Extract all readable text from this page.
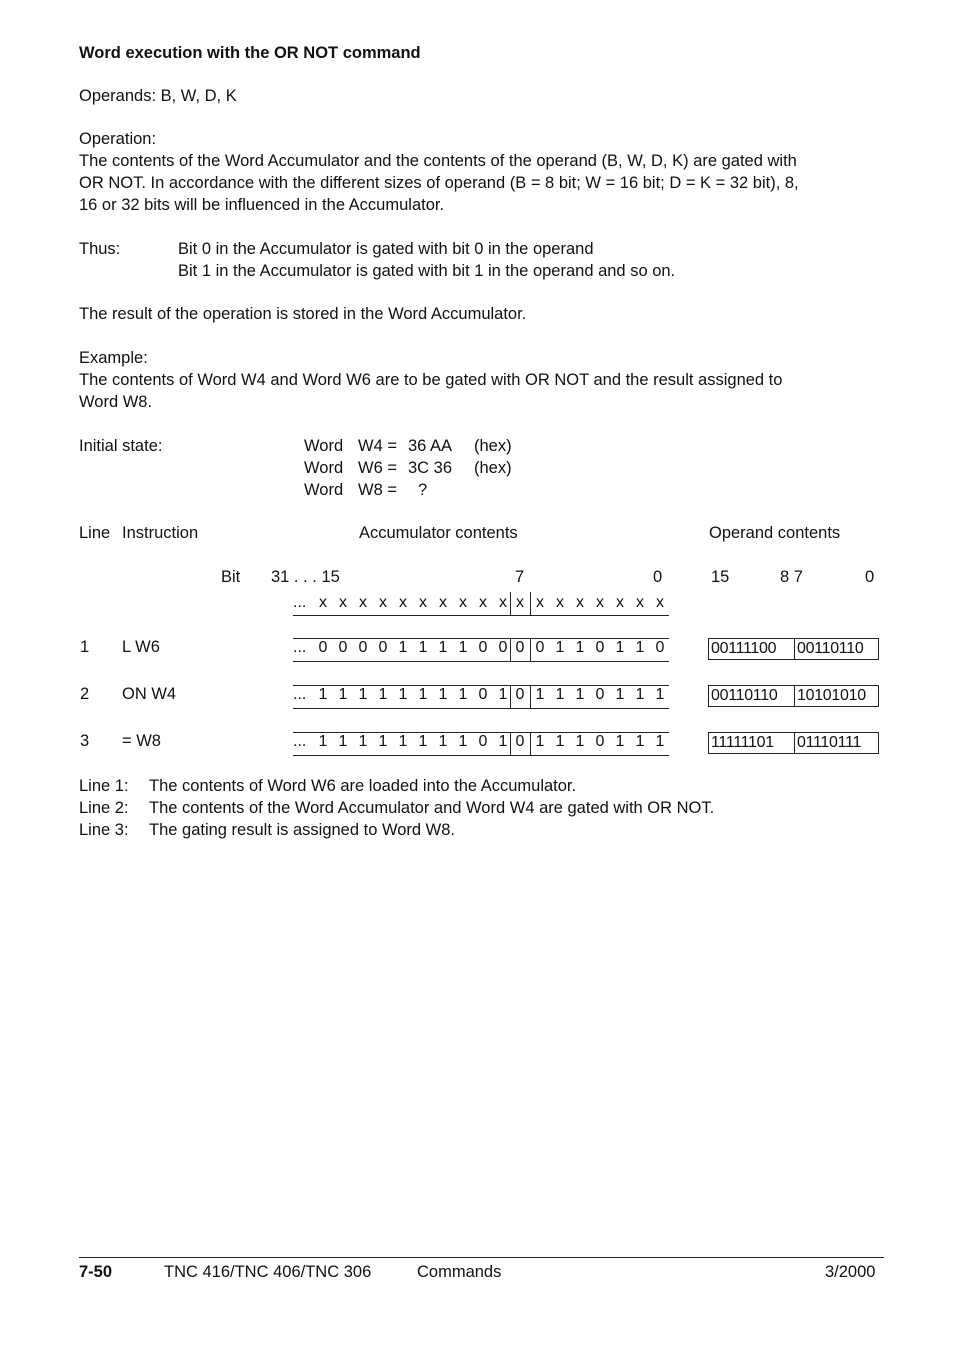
Word execution with the OR NOT command
Operands: B, W, D, K
Operation:
The contents of the Word Accumulator and the contents of the operand (B, W, D, K) are gated with
OR NOT. In accordance with the different sizes of operand (B = 8 bit; W = 16 bit; D = K = 32 bit), 8,
16 or 32 bits will be influenced in the Accumulator.
Thus:	Bit 0 in the Accumulator is gated with bit 0 in the operand
Bit 1 in the Accumulator is gated with bit 1 in the operand and so on.
The result of the operation is stored in the Word Accumulator.
Example:
The contents of Word W4 and Word W6 are to be gated with OR NOT and the result assigned to
Word W8.
Initial state:	Word W4 = 36 AA (hex)
Word W6 = 3C 36 (hex)
Word W8 = ?
Line Instruction	Accumulator contents	Operand contents
Bit 31 . . . 15	7	0	15	8 7	0
... x x x x x x x x x x x x x x x x x x
1 L W6	... 0 0 0 0 1 1 1 1 0 0 0 0 1 1 0 1 1 0	00111100	00110110
2 ON W4	... 1 1 1 1 1 1 1 1 0 1 0 1 1 1 0 1 1 1	00110110	10101010
3 = W8	... 1 1 1 1 1 1 1 1 0 1 0 1 1 1 0 1 1 1	11111101	01110111
Line 1: The contents of Word W6 are loaded into the Accumulator.
Line 2: The contents of the Word Accumulator and Word W4 are gated with OR NOT.
Line 3: The gating result is assigned to Word W8.
7-50	TNC 416/TNC 406/TNC 306	Commands	3/2000
